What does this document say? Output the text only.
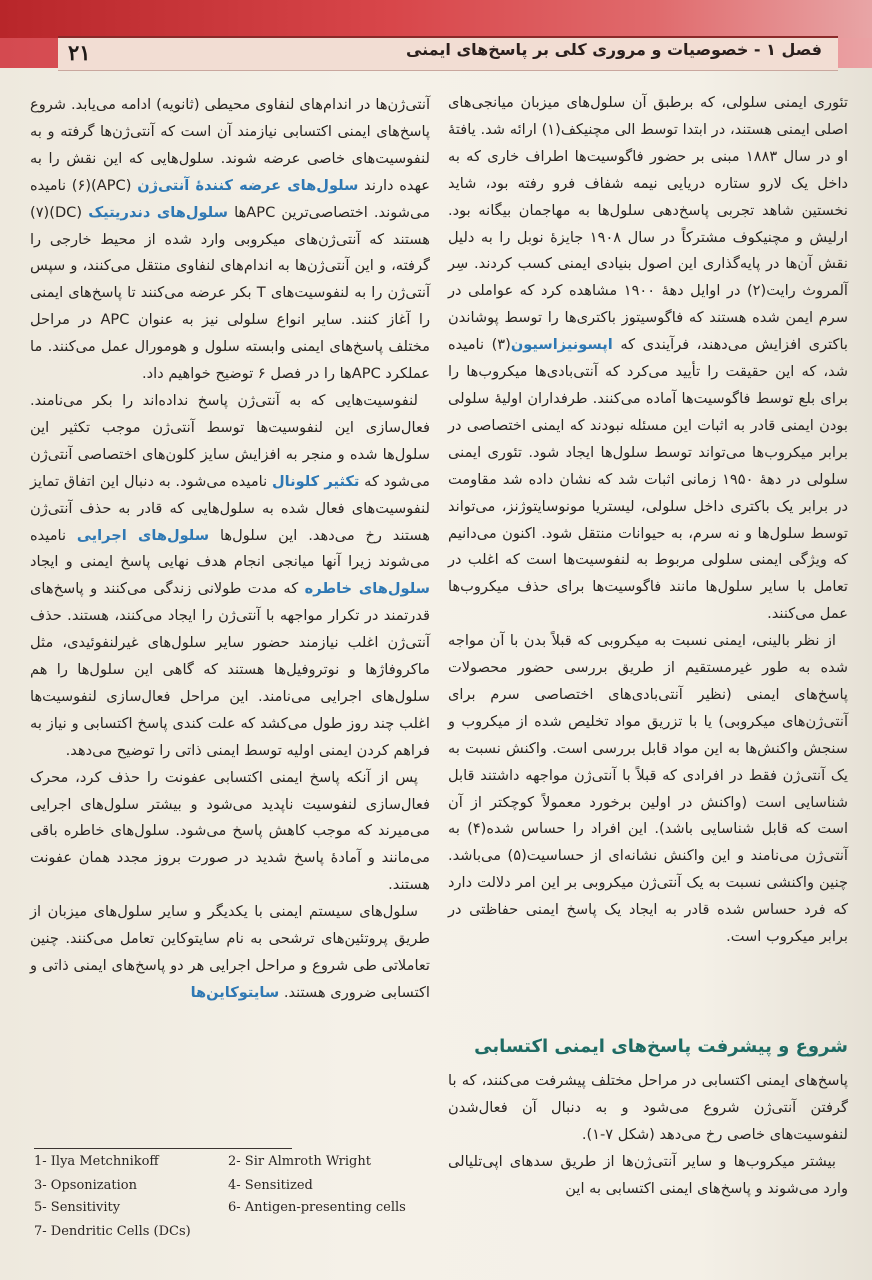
۲۱	فصل ۱ - خصوصیات و مروری کلی بر پاسخ‌های ایمنی

تئوری ایمنی سلولی، که برطبق آن سلول‌های میزبان میانجی‌های اصلی ایمنی هستند، در ابتدا توسط الی مچنیکف(۱) ارائه شد. یافتهٔ او در سال ۱۸۸۳ مبنی بر حضور فاگوسیت‌ها اطراف خاری که به داخل یک لارو ستاره دریایی نیمه شفاف فرو رفته بود، شاید نخستین شاهد تجربی پاسخ‌دهی سلول‌ها به مهاجمان بیگانه بود. ارلیش و مچنیکوف مشترکاً در سال ۱۹۰۸ جایزهٔ نوبل را به دلیل نقش آن‌ها در پایه‌گذاری این اصول بنیادی ایمنی کسب کردند. سِر آلمروث رایت(۲) در اوایل دههٔ ۱۹۰۰ مشاهده کرد که عواملی در سرم ایمن شده هستند که فاگوسیتوز باکتری‌ها را توسط پوشاندن باکتری افزایش می‌دهند، فرآیندی که اپسونیزاسیون(۳) نامیده شد، که این حقیقت را تأیید می‌کرد که آنتی‌بادی‌ها میکروب‌ها را برای بلع توسط فاگوسیت‌ها آماده می‌کنند. طرفداران اولیهٔ سلولی بودن ایمنی قادر به اثبات این مسئله نبودند که ایمنی اختصاصی در برابر میکروب‌ها می‌تواند توسط سلول‌ها ایجاد شود. تئوری ایمنی سلولی در دههٔ ۱۹۵۰ زمانی اثبات شد که نشان داده شد مقاومت در برابر یک باکتری داخل سلولی، لیستریا مونوسایتوژنز، می‌تواند توسط سلول‌ها و نه سرم، به حیوانات منتقل شود. اکنون می‌دانیم که ویژگی ایمنی سلولی مربوط به لنفوسیت‌ها است که اغلب در تعامل با سایر سلول‌ها مانند فاگوسیت‌ها برای حذف میکروب‌ها عمل می‌کنند.

از نظر بالینی، ایمنی نسبت به میکروبی که قبلاً بدن با آن مواجه شده به طور غیرمستقیم از طریق بررسی حضور محصولات پاسخ‌های ایمنی (نظیر آنتی‌بادی‌های اختصاصی سرم برای آنتی‌ژن‌های میکروبی) یا با تزریق مواد تخلیص شده از میکروب و سنجش واکنش‌ها به این مواد قابل بررسی است. واکنش نسبت به یک آنتی‌ژن فقط در افرادی که قبلاً با آنتی‌ژن مواجهه داشتند قابل شناسایی است (واکنش در اولین برخورد معمولاً کوچکتر از آن است که قابل شناسایی باشد). این افراد را حساس شده(۴) به آنتی‌ژن می‌نامند و این واکنش نشانه‌ای از حساسیت(۵) می‌باشد. چنین واکنشی نسبت به یک آنتی‌ژن میکروبی بر این امر دلالت دارد که فرد حساس شده قادر به ایجاد یک پاسخ ایمنی حفاظتی در برابر میکروب است.

شروع و پیشرفت پاسخ‌های ایمنی اکتسابی

پاسخ‌های ایمنی اکتسابی در مراحل مختلف پیشرفت می‌کنند، که با گرفتن آنتی‌ژن شروع می‌شود و به دنبال آن فعال‌شدن لنفوسیت‌های خاصی رخ می‌دهد (شکل ۷-۱).

بیشتر میکروب‌ها و سایر آنتی‌ژن‌ها از طریق سدهای اپی‌تلیالی وارد می‌شوند و پاسخ‌های ایمنی اکتسابی به این

آنتی‌ژن‌ها در اندام‌های لنفاوی محیطی (ثانویه) ادامه می‌یابد. شروع پاسخ‌های ایمنی اکتسابی نیازمند آن است که آنتی‌ژن‌ها گرفته و به لنفوسیت‌های خاصی عرضه شوند. سلول‌هایی که این نقش را به عهده دارند سلول‌های عرضه کنندهٔ آنتی‌ژن (APC)(۶) نامیده می‌شوند. اختصاصی‌ترین APCها سلول‌های دندریتیک (DC)(۷) هستند که آنتی‌ژن‌های میکروبی وارد شده از محیط خارجی را گرفته، و این آنتی‌ژن‌ها به اندام‌های لنفاوی منتقل می‌کنند، و سپس آنتی‌ژن را به لنفوسیت‌های T بکر عرضه می‌کنند تا پاسخ‌های ایمنی را آغاز کنند. سایر انواع سلولی نیز به عنوان APC در مراحل مختلف پاسخ‌های ایمنی وابسته سلول و هومورال عمل می‌کنند. ما عملکرد APCها را در فصل ۶ توضیح خواهیم داد.

لنفوسیت‌هایی که به آنتی‌ژن پاسخ نداده‌اند را بکر می‌نامند. فعال‌سازی این لنفوسیت‌ها توسط آنتی‌ژن موجب تکثیر این سلول‌ها شده و منجر به افزایش سایز کلون‌های اختصاصی آنتی‌ژن می‌شود که تکثیر کلونال نامیده می‌شود. به دنبال این اتفاق تمایز لنفوسیت‌های فعال شده به سلول‌هایی که قادر به حذف آنتی‌ژن هستند رخ می‌دهد. این سلول‌ها سلول‌های اجرایی نامیده می‌شوند زیرا آنها میانجی انجام هدف نهایی پاسخ ایمنی و ایجاد سلول‌های خاطره که مدت طولانی زندگی می‌کنند و پاسخ‌های قدرتمند در تکرار مواجهه با آنتی‌ژن را ایجاد می‌کنند، هستند. حذف آنتی‌ژن اغلب نیازمند حضور سایر سلول‌های غیرلنفوئیدی، مثل ماکروفاژها و نوتروفیل‌ها هستند که گاهی این سلول‌ها را هم سلول‌های اجرایی می‌نامند. این مراحل فعال‌سازی لنفوسیت‌ها اغلب چند روز طول می‌کشد که علت کندی پاسخ اکتسابی و نیاز به فراهم کردن ایمنی اولیه توسط ایمنی ذاتی را توضیح می‌دهد.

پس از آنکه پاسخ ایمنی اکتسابی عفونت را حذف کرد، محرک فعال‌سازی لنفوسیت ناپدید می‌شود و بیشتر سلول‌های اجرایی می‌میرند که موجب کاهش پاسخ می‌شود. سلول‌های خاطره باقی می‌مانند و آمادهٔ پاسخ شدید در صورت بروز مجدد همان عفونت هستند.

سلول‌های سیستم ایمنی با یکدیگر و سایر سلول‌های میزبان از طریق پروتئین‌های ترشحی به نام سایتوکاین تعامل می‌کنند. چنین تعاملاتی طی شروع و مراحل اجرایی هر دو پاسخ‌های ایمنی ذاتی و اکتسابی ضروری هستند. سایتوکاین‌ها

1- Ilya Metchnikoff	2- Sir Almroth Wright
3- Opsonization	4- Sensitized
5- Sensitivity	6- Antigen-presenting cells
7- Dendritic Cells (DCs)
